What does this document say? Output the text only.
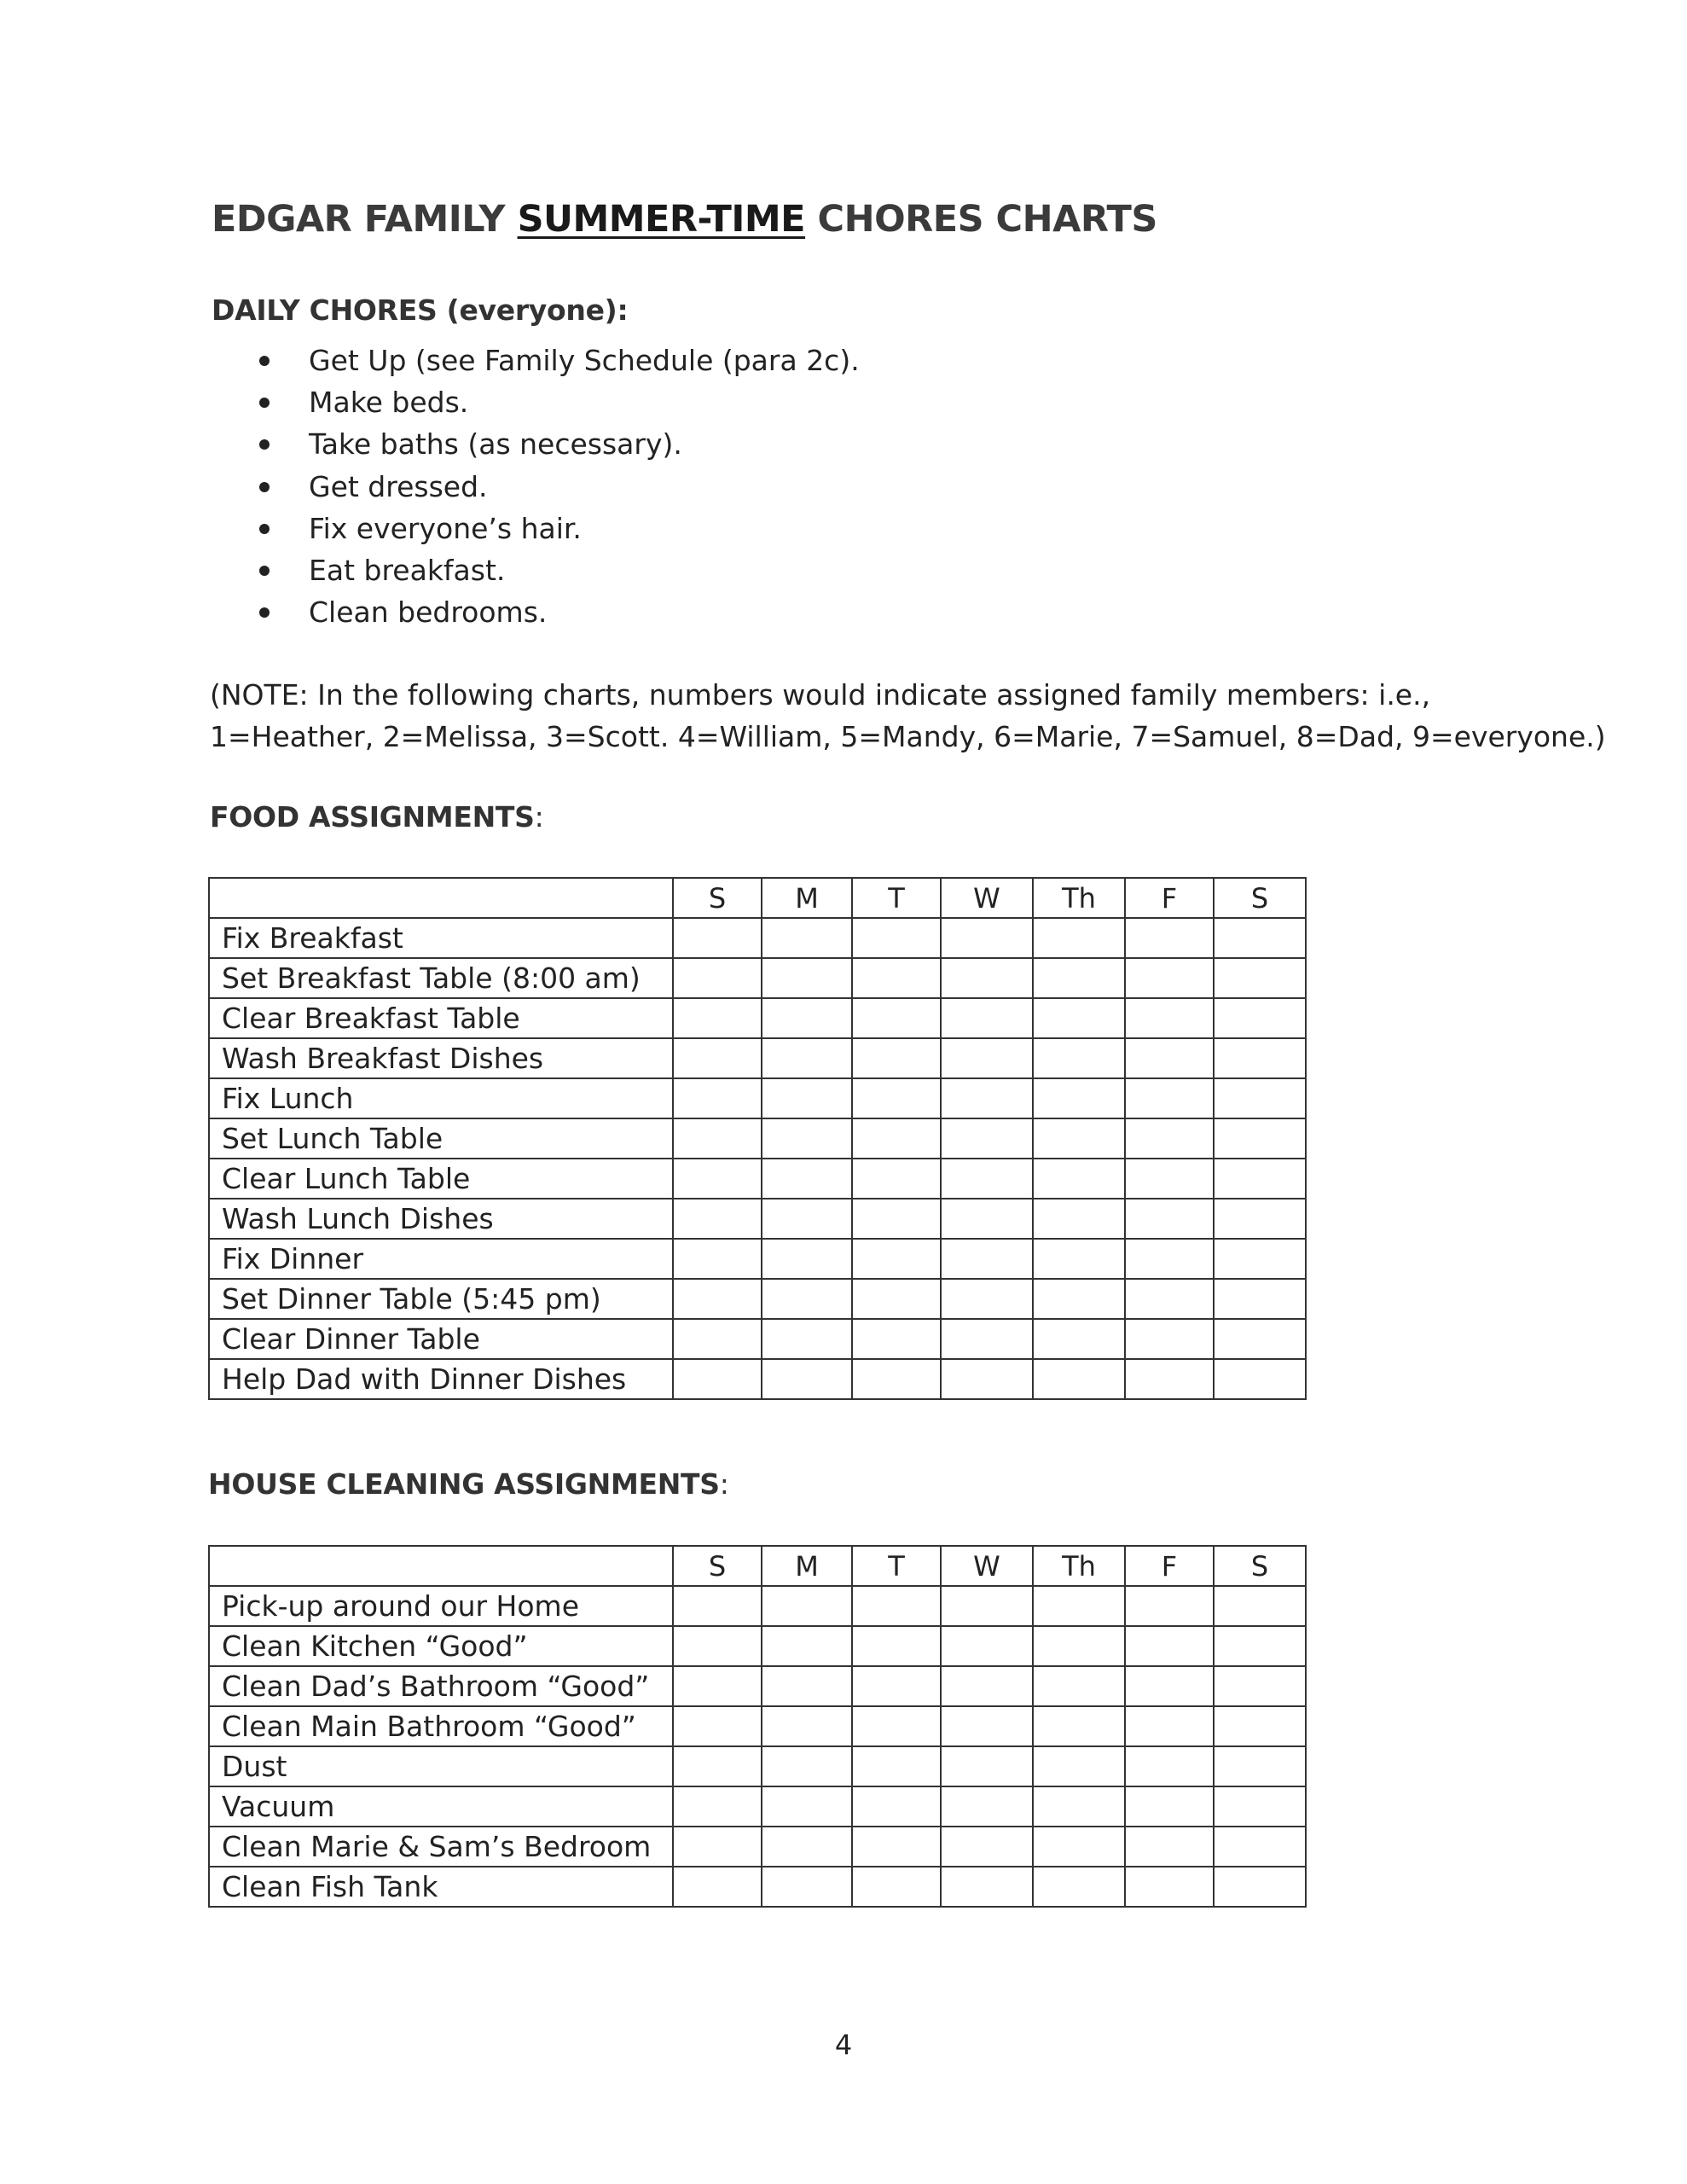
EDGAR FAMILY SUMMER-TIME CHORES CHARTS
DAILY CHORES (everyone):
Get Up (see Family Schedule (para 2c).
Make beds.
Take baths (as necessary).
Get dressed.
Fix everyone’s hair.
Eat breakfast.
Clean bedrooms.
(NOTE: In the following charts, numbers would indicate assigned family members: i.e.,
1=Heather, 2=Melissa, 3=Scott. 4=William, 5=Mandy, 6=Marie, 7=Samuel, 8=Dad, 9=everyone.)
FOOD ASSIGNMENTS:
	S	M	T	W	Th	F	S
Fix Breakfast							
Set Breakfast Table (8:00 am)							
Clear Breakfast Table							
Wash Breakfast Dishes							
Fix Lunch							
Set Lunch Table							
Clear Lunch Table							
Wash Lunch Dishes							
Fix Dinner							
Set Dinner Table (5:45 pm)							
Clear Dinner Table							
Help Dad with Dinner Dishes							
HOUSE CLEANING ASSIGNMENTS:
	S	M	T	W	Th	F	S
Pick-up around our Home							
Clean Kitchen “Good”							
Clean Dad’s Bathroom “Good”							
Clean Main Bathroom “Good”							
Dust							
Vacuum							
Clean Marie & Sam’s Bedroom							
Clean Fish Tank							
4
